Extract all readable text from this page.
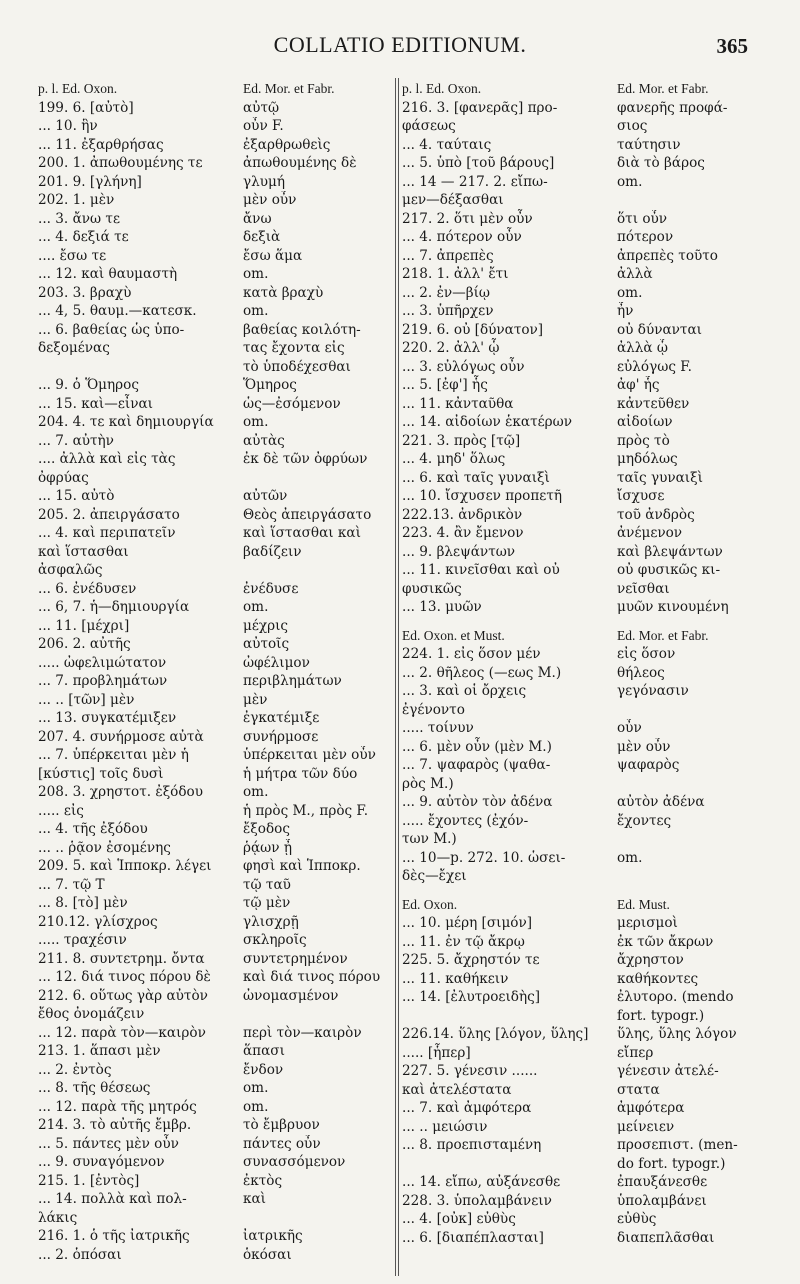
COLLATIO EDITIONUM.	365
p. l. Ed. Oxon.	Ed. Mor. et Fabr.
199. 6. [αὐτὸ]	αὐτῷ
... 10. ἣν	οὖν F.
... 11. ἐξαρθρήσας	ἐξαρθρωθεὶς
200. 1. ἀπωθουμένης τε	ἀπωθουμένης δὲ
201. 9. [γλήνη]	γλυμή
202. 1. μὲν	μὲν οὖν
... 3. ἄνω τε	ἄνω
... 4. δεξιά τε	δεξιὰ
.... ἔσω τε	ἔσω ἅμα
... 12. καὶ θαυμαστὴ	om.
203. 3. βραχὺ	κατὰ βραχὺ
... 4, 5. θαυμ.—κατεσκ.	om.
... 6. βαθείας ὡς ὑπο-	βαθείας κοιλότη-
δεξομένας	τας ἔχοντα εἰς
τὸ ὑποδέχεσθαι
... 9. ὁ Ὅμηρος	Ὅμηρος
... 15. καὶ—εἶναι	ὡς—ἐσόμενον
204. 4. τε καὶ δημιουργία	om.
... 7. αὐτὴν	αὐτὰς
.... ἀλλὰ καὶ εἰς τὰς	ἐκ δὲ τῶν ὀφρύων
ὀφρύας
... 15. αὐτὸ	αὐτῶν
205. 2. ἀπειργάσατο	Θεὸς ἀπειργάσατο
... 4. καὶ περιπατεῖν	καὶ ἵστασθαι καὶ
καὶ ἵστασθαι	βαδίζειν
ἀσφαλῶς
... 6. ἐνέδυσεν	ἐνέδυσε
... 6, 7. ἡ—δημιουργία	om.
... 11. [μέχρι]	μέχρις
206. 2. αὐτῆς	αὐτοῖς
..... ὠφελιμώτατον	ὠφέλιμον
... 7. προβλημάτων	περιβλημάτων
... .. [τῶν] μὲν	μὲν
... 13. συγκατέμιξεν	ἐγκατέμιξε
207. 4. συνήρμοσε αὐτὰ	συνήρμοσε
... 7. ὑπέρκειται μὲν ἡ	ὑπέρκειται μὲν οὖν
[κύστις] τοῖς δυσὶ	ἡ μήτρα τῶν δύο
208. 3. χρηστοτ. ἐξόδου	om.
..... εἰς	ἡ πρὸς M., πρὸς F.
... 4. τῆς ἐξόδου	ἔξοδος
... .. ῥᾷον ἐσομένης	ῥᾴων ᾖ
209. 5. καὶ Ἱπποκρ. λέγει	φησὶ καὶ Ἱπποκρ.
... 7. τῷ Τ	τῷ ταῦ
... 8. [τὸ] μὲν	τῷ μὲν
210.12. γλίσχρος	γλισχρῇ
..... τραχέσιν	σκληροῖς
211. 8. συντετρημ. ὄντα	συντετρημένον
... 12. διά τινος πόρου δὲ	καὶ διά τινος πόρου
212. 6. οὕτως γὰρ αὐτὸν	ὠνομασμένον
ἔθος ὀνομάζειν
... 12. παρὰ τὸν—καιρὸν	περὶ τὸν—καιρὸν
213. 1. ἅπασι μὲν	ἅπασι
... 2. ἐντὸς	ἔνδον
... 8. τῆς θέσεως	om.
... 12. παρὰ τῆς μητρός	om.
214. 3. τὸ αὐτῆς ἔμβρ.	τὸ ἔμβρυον
... 5. πάντες μὲν οὖν	πάντες οὖν
... 9. συναγόμενον	συνασσόμενον
215. 1. [ἐντὸς]	ἐκτὸς
... 14. πολλὰ καὶ πολ-	καὶ
λάκις
216. 1. ὁ τῆς ἰατρικῆς	ἰατρικῆς
... 2. ὁπόσαι	ὁκόσαι
p. l. Ed. Oxon.	Ed. Mor. et Fabr.
216. 3. [φανερᾶς] προ-	φανερῆς προφά-
φάσεως	σιος
... 4. ταύταις	ταύτησιν
... 5. ὑπὸ [τοῦ βάρους]	διὰ τὸ βάρος
... 14 — 217. 2. εἴπω-	om.
μεν—δέξασθαι
217. 2. ὅτι μὲν οὖν	ὅτι οὖν
... 4. πότερον οὖν	πότερον
... 7. ἀπρεπὲς	ἀπρεπὲς τοῦτο
218. 1. ἀλλ' ἔτι	ἀλλὰ
... 2. ἐν—βίῳ	om.
... 3. ὑπῆρχεν	ἦν
219. 6. οὐ [δύνατον]	οὐ δύνανται
220. 2. ἀλλ' ᾧ	ἀλλὰ ᾧ
... 3. εὐλόγως οὖν	εὐλόγως F.
... 5. [ἐφ'] ἧς	ἀφ' ἧς
... 11. κἀνταῦθα	κἀντεῦθεν
... 14. αἰδοίων ἑκατέρων	αἰδοίων
221. 3. πρὸς [τῷ]	πρὸς τὸ
... 4. μηδ' ὅλως	μηδόλως
... 6. καὶ ταῖς γυναιξὶ	ταῖς γυναιξὶ
... 10. ἴσχυσεν προπετῆ	ἴσχυσε
222.13. ἀνδρικὸν	τοῦ ἀνδρὸς
223. 4. ἂν ἔμενον	ἀνέμενον
... 9. βλεψάντων	καὶ βλεψάντων
... 11. κινεῖσθαι καὶ οὐ	οὐ φυσικῶς κι-
φυσικῶς	νεῖσθαι
... 13. μυῶν	μυῶν κινουμένη
Ed. Oxon. et Must.	Ed. Mor. et Fabr.
224. 1. εἰς ὅσον μέν	εἰς ὅσον
... 2. θῆλεος (—εως M.)	θήλεος
... 3. καὶ οἱ ὄρχεις	γεγόνασιν
ἐγένοντο
..... τοίνυν	οὖν
... 6. μὲν οὖν (μὲν M.)	μὲν οὖν
... 7. ψαφαρὸς (ψαθα-	ψαφαρὸς
ρὸς M.)
... 9. αὐτὸν τὸν ἀδένα	αὐτὸν ἀδένα
..... ἔχοντες (ἐχόν-	ἔχοντες
των M.)
... 10—p. 272. 10. ὡσει-	om.
δὲς—ἔχει
Ed. Oxon.	Ed. Must.
... 10. μέρη [σιμόν]	μερισμοὶ
... 11. ἐν τῷ ἄκρῳ	ἐκ τῶν ἄκρων
225. 5. ἄχρηστόν τε	ἄχρηστον
... 11. καθήκειν	καθήκοντες
... 14. [ἐλυτροειδὴς]	ἐλυτορο. (mendo
fort. typogr.)
226.14. ὕλης [λόγον, ὕλης]	ὕλης, ὕλης λόγον
..... [ἧπερ]	εἴπερ
227. 5. γένεσιν ......	γένεσιν ἀτελέ-
καὶ ἀτελέστατα	στατα
... 7. καὶ ἀμφότερα	ἀμφότερα
... .. μειώσιν	μείνειεν
... 8. προεπισταμένη	προσεπιστ. (men-
do fort. typogr.)
... 14. εἴπω, αὐξάνεσθε	ἐπαυξάνεσθε
228. 3. ὑπολαμβάνειν	ὑπολαμβάνει
... 4. [οὐκ] εὐθὺς	εὐθὺς
... 6. [διαπέπλασται]	διαπεπλᾶσθαι
